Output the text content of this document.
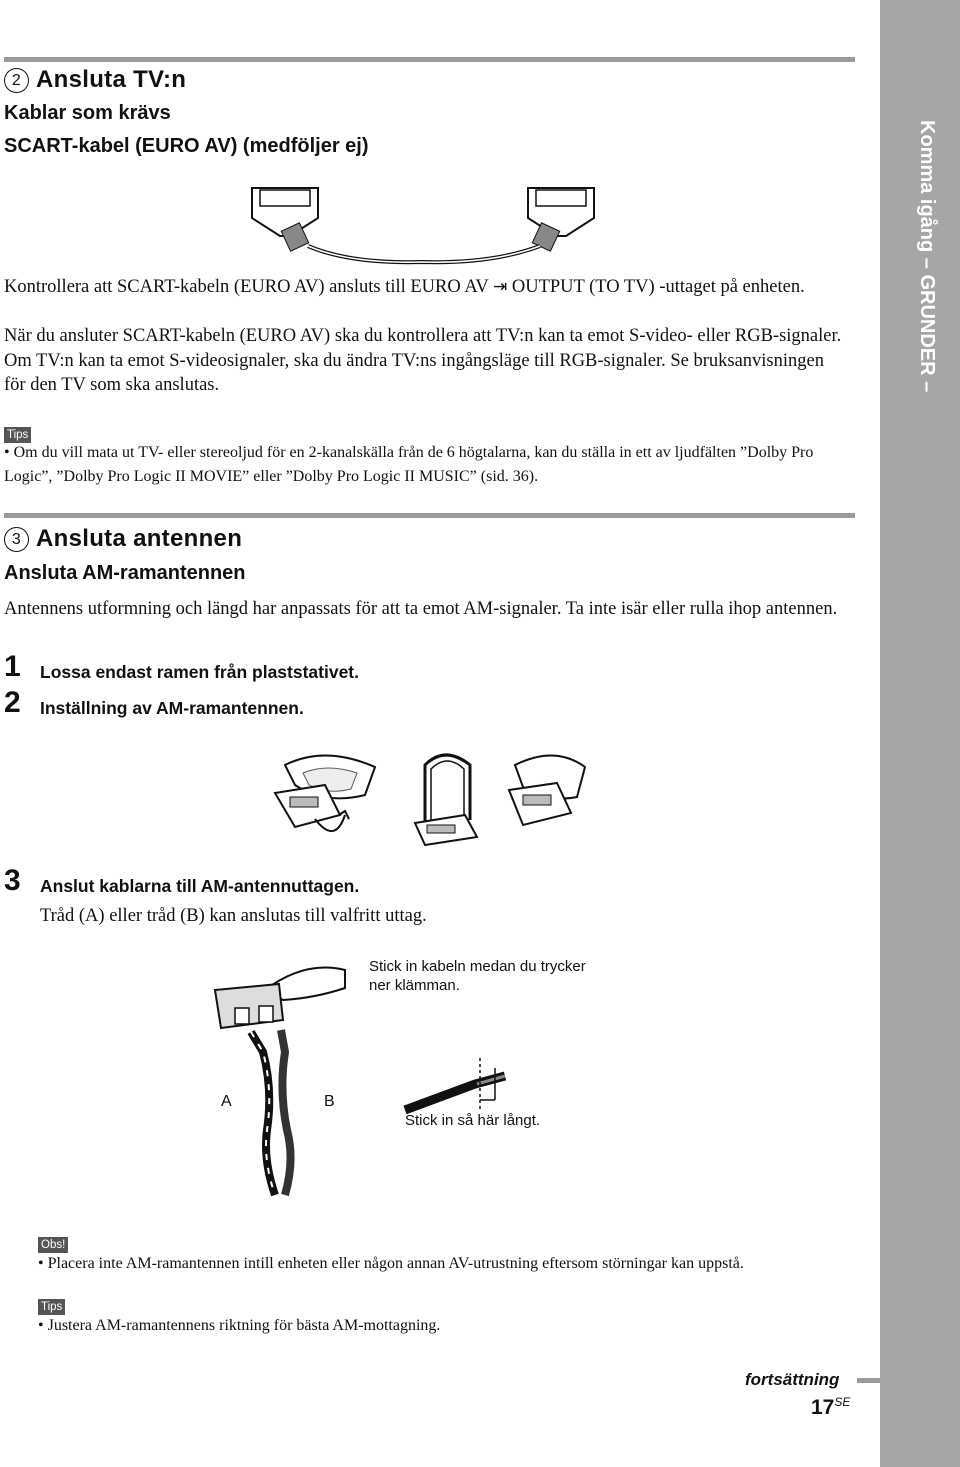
Komma igång – GRUNDER –
2 Ansluta TV:n
Kablar som krävs
SCART-kabel (EURO AV) (medföljer ej)
Kontrollera att SCART-kabeln (EURO AV) ansluts till EURO AV ⇥ OUTPUT (TO TV) -uttaget på enheten.
När du ansluter SCART-kabeln (EURO AV) ska du kontrollera att TV:n kan ta emot S-video- eller RGB-signaler. Om TV:n kan ta emot S-videosignaler, ska du ändra TV:ns ingångsläge till RGB-signaler. Se bruksanvisningen för den TV som ska anslutas.
Tips
• Om du vill mata ut TV- eller stereoljud för en 2-kanalskälla från de 6 högtalarna, kan du ställa in ett av ljudfälten ”Dolby Pro Logic”, ”Dolby Pro Logic II MOVIE” eller ”Dolby Pro Logic II MUSIC” (sid. 36).
3 Ansluta antennen
Ansluta AM-ramantennen
Antennens utformning och längd har anpassats för att ta emot AM-signaler. Ta inte isär eller rulla ihop antennen.
1 Lossa endast ramen från plaststativet.
2 Inställning av AM-ramantennen.
3 Anslut kablarna till AM-antennuttagen.
Tråd (A) eller tråd (B) kan anslutas till valfritt uttag.
Stick in kabeln medan du trycker ner klämman.
A	B
Stick in så här långt.
Obs!
• Placera inte AM-ramantennen intill enheten eller någon annan AV-utrustning eftersom störningar kan uppstå.
Tips
• Justera AM-ramantennens riktning för bästa AM-mottagning.
fortsättning
$17^{SE}$
